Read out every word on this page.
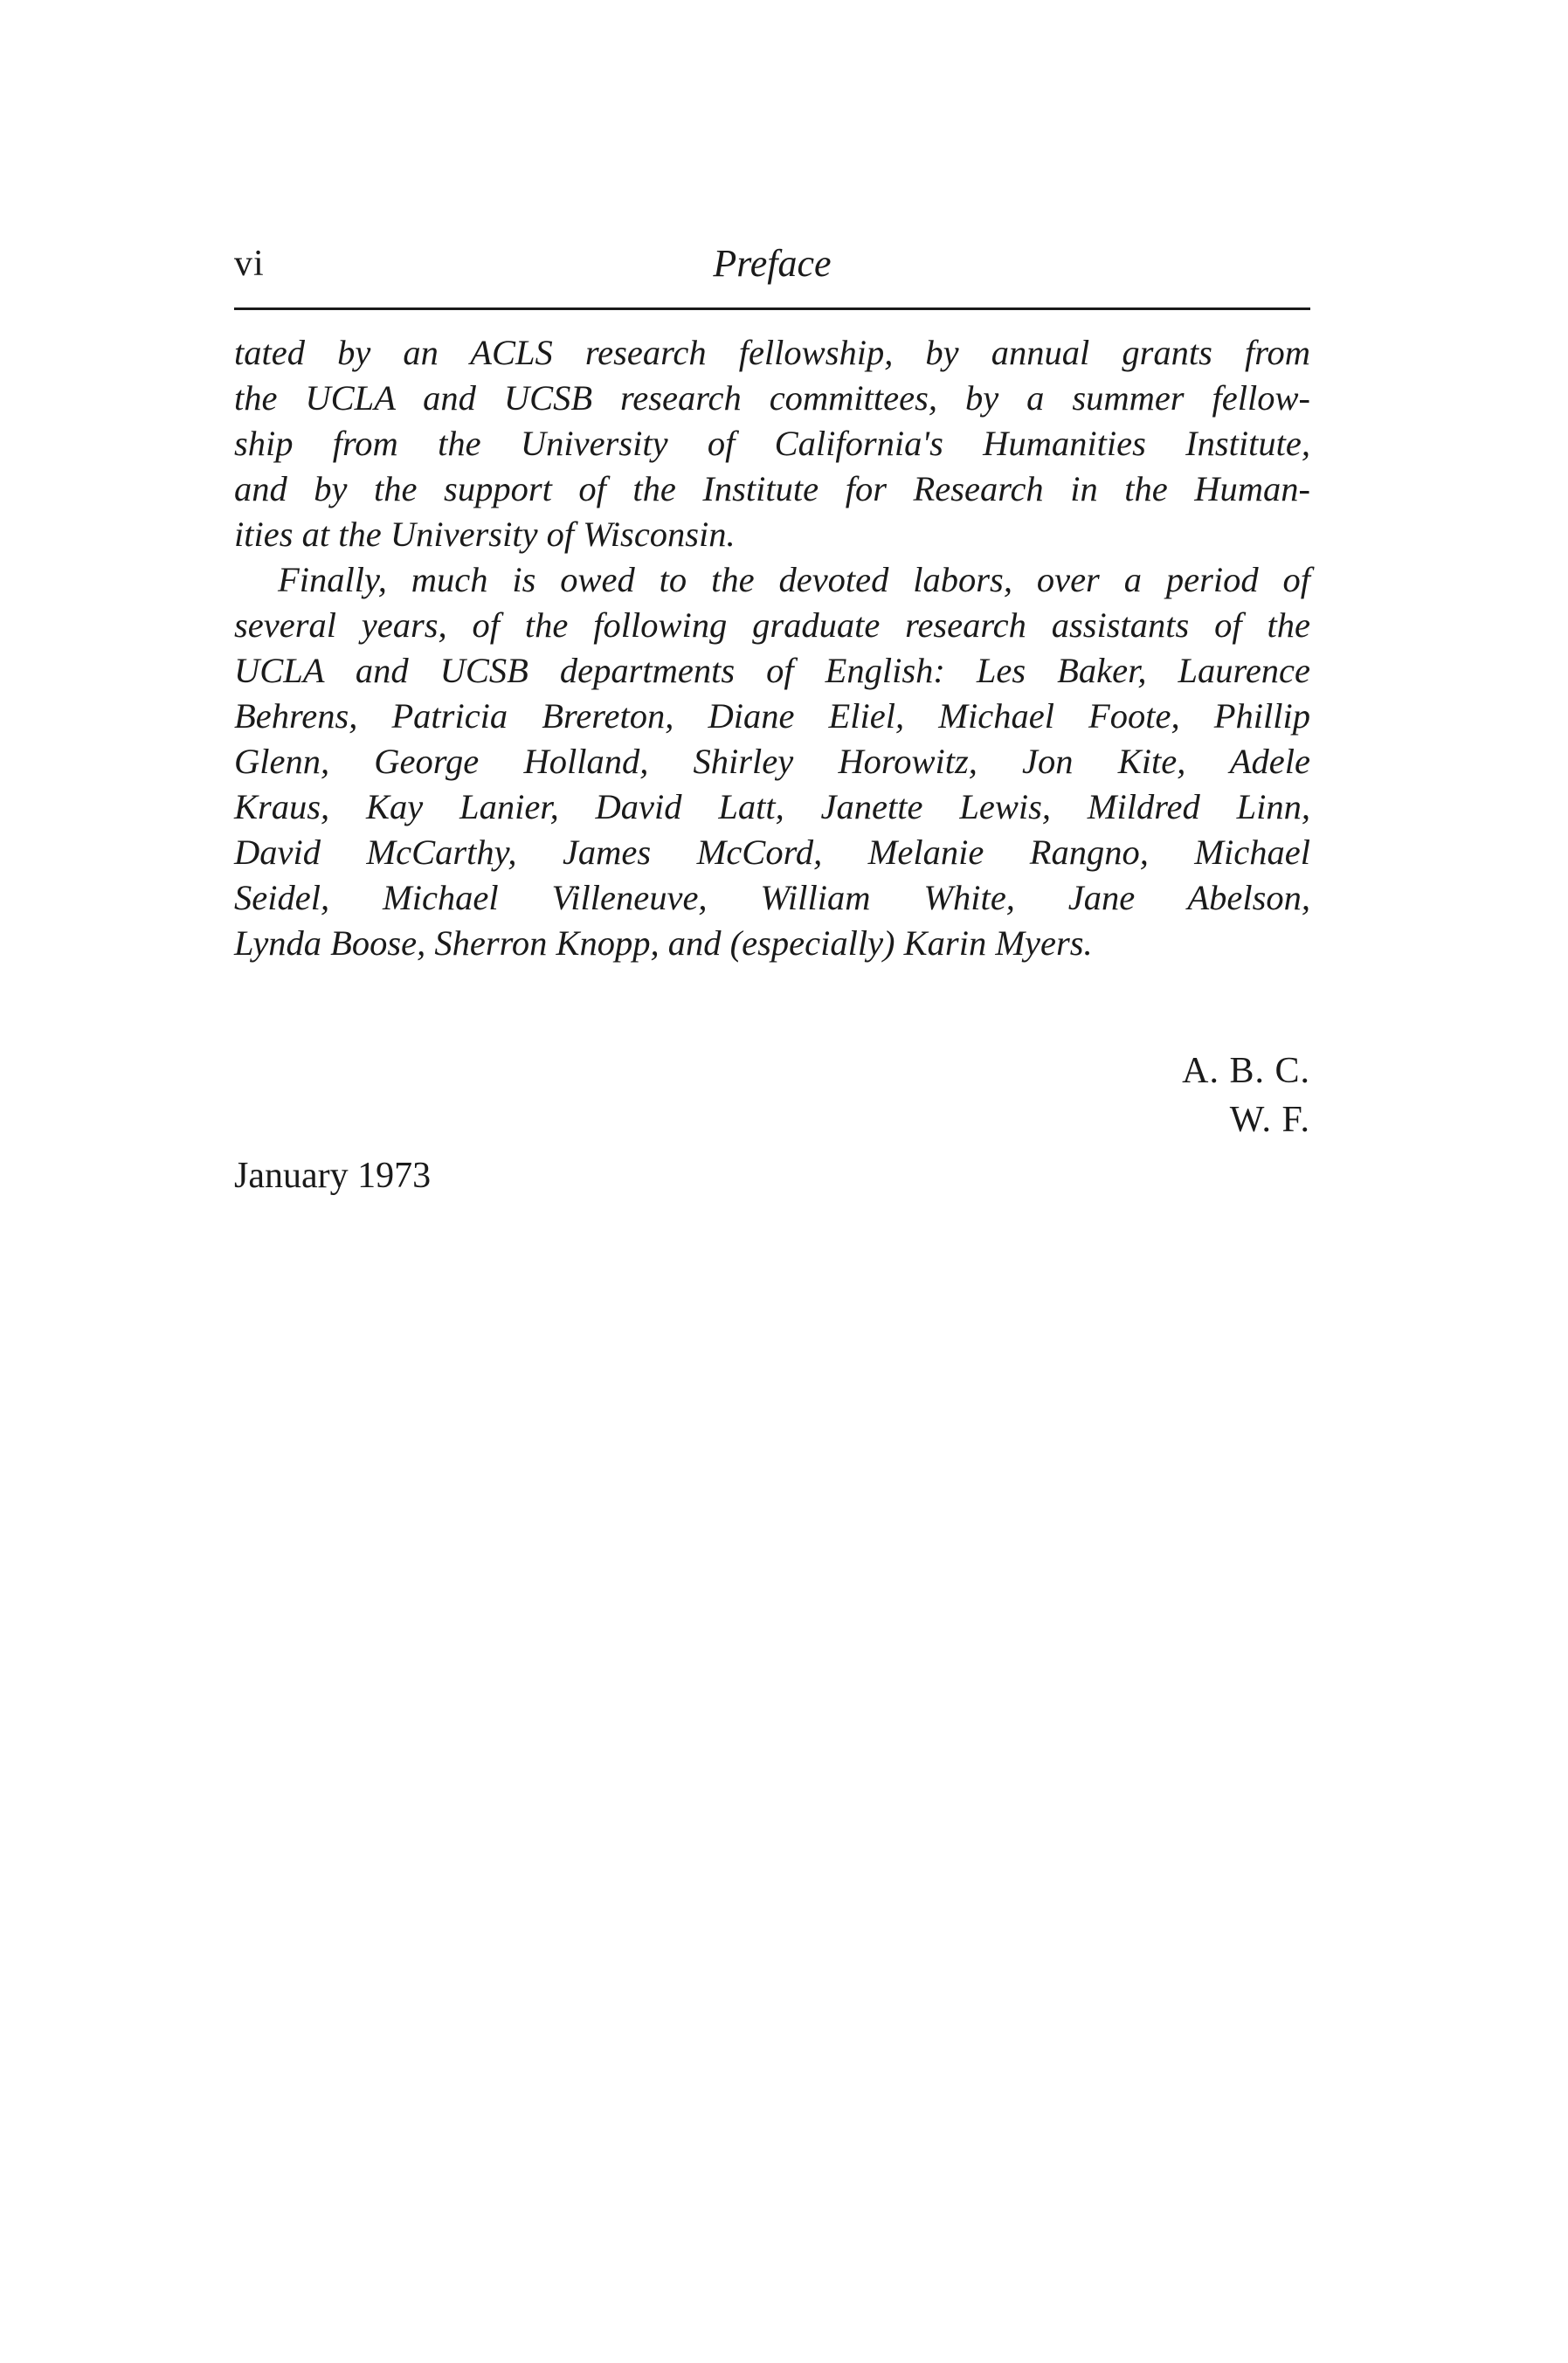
vi	Preface
tated by an ACLS research fellowship, by annual grants from
the UCLA and UCSB research committees, by a summer fellow-
ship from the University of California's Humanities Institute,
and by the support of the Institute for Research in the Human-
ities at the University of Wisconsin.
Finally, much is owed to the devoted labors, over a period of
several years, of the following graduate research assistants of the
UCLA and UCSB departments of English: Les Baker, Laurence
Behrens, Patricia Brereton, Diane Eliel, Michael Foote, Phillip
Glenn, George Holland, Shirley Horowitz, Jon Kite, Adele
Kraus, Kay Lanier, David Latt, Janette Lewis, Mildred Linn,
David McCarthy, James McCord, Melanie Rangno, Michael
Seidel, Michael Villeneuve, William White, Jane Abelson,
Lynda Boose, Sherron Knopp, and (especially) Karin Myers.
A. B. C.
W. F.
January 1973
